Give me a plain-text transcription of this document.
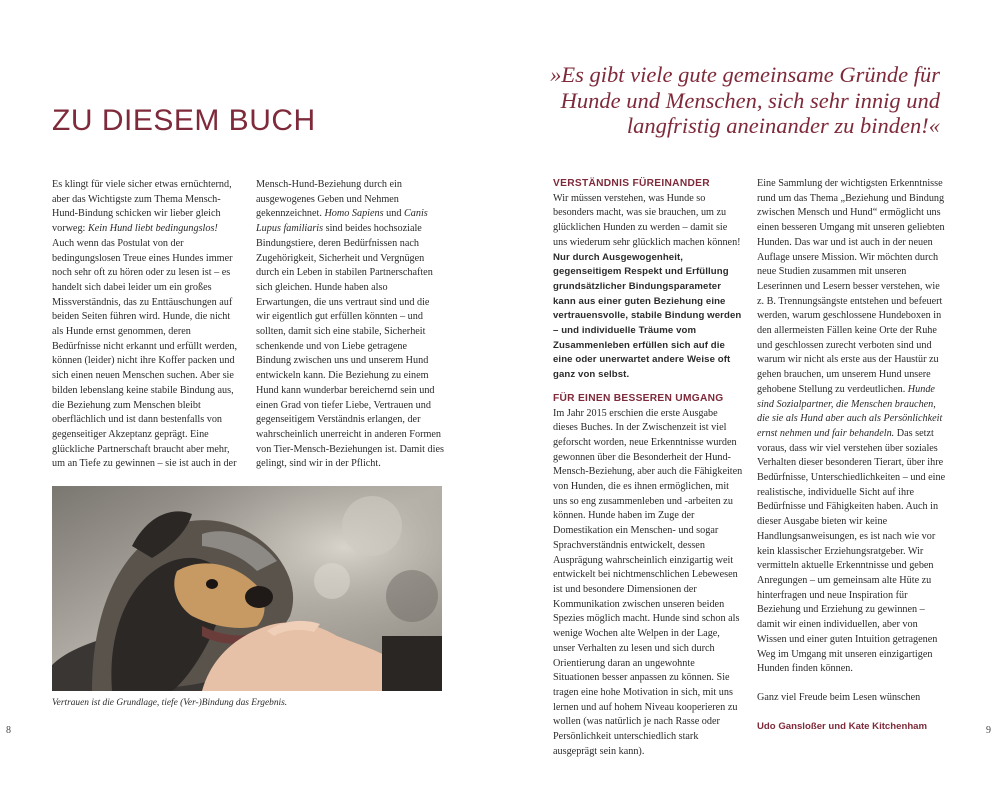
ZU DIESEM BUCH

»Es gibt viele gute gemeinsame Gründe für Hunde und Menschen, sich sehr innig und langfristig aneinander zu binden!«

Es klingt für viele sicher etwas ernüchternd, aber das Wichtigste zum Thema Mensch-Hund-Bindung schicken wir lieber gleich vorweg: Kein Hund liebt bedingungslos! Auch wenn das Postulat von der bedingungslosen Treue eines Hundes immer noch sehr oft zu hören oder zu lesen ist – es handelt sich dabei leider um ein großes Missverständnis, das zu Enttäuschungen auf beiden Seiten führen wird. Hunde, die nicht als Hunde ernst genommen, deren Bedürfnisse nicht erkannt und erfüllt werden, können (leider) nicht ihre Koffer packen und sich einen neuen Menschen suchen. Aber sie bilden lebenslang keine stabile Bindung aus, die Beziehung zum Menschen bleibt oberflächlich und ist dann bestenfalls von gegenseitiger Akzeptanz geprägt. Eine glückliche Partnerschaft braucht aber mehr, um an Tiefe zu gewinnen – sie ist auch in der

Mensch-Hund-Beziehung durch ein ausgewogenes Geben und Nehmen gekennzeichnet. Homo Sapiens und Canis Lupus familiaris sind beides hochsoziale Bindungstiere, deren Bedürfnissen nach Zugehörigkeit, Sicherheit und Vergnügen durch ein Leben in stabilen Partnerschaften sich gleichen. Hunde haben also Erwartungen, die uns vertraut sind und die wir eigentlich gut erfüllen könnten – und sollten, damit sich eine stabile, Sicherheit schenkende und von Liebe getragene Bindung zwischen uns und unserem Hund entwickeln kann. Die Beziehung zu einem Hund kann wunderbar bereichernd sein und einen Grad von tiefer Liebe, Vertrauen und gegenseitigem Verständnis erlangen, der wahrscheinlich unerreicht in anderen Formen von Tier-Mensch-Beziehungen ist. Damit dies gelingt, sind wir in der Pflicht.

Vertrauen ist die Grundlage, tiefe (Ver-)Bindung das Ergebnis.

VERSTÄNDNIS FÜREINANDER

Wir müssen verstehen, was Hunde so besonders macht, was sie brauchen, um zu glücklichen Hunden zu werden – damit sie uns wiederum sehr glücklich machen können!

Nur durch Ausgewogenheit, gegenseitigem Respekt und Erfüllung grundsätzlicher Bindungsparameter kann aus einer guten Beziehung eine vertrauensvolle, stabile Bindung werden – und individuelle Träume vom Zusammenleben erfüllen sich auf die eine oder unerwartet andere Weise oft ganz von selbst.

FÜR EINEN BESSEREN UMGANG

Im Jahr 2015 erschien die erste Ausgabe dieses Buches. In der Zwischenzeit ist viel geforscht worden, neue Erkenntnisse wurden gewonnen über die Besonderheit der Hund-Mensch-Beziehung, aber auch die Fähigkeiten von Hunden, die es ihnen ermöglichen, mit uns so eng zusammenleben und -arbeiten zu können. Hunde haben im Zuge der Domestikation ein Menschen- und sogar Sprachverständnis entwickelt, dessen Ausprägung wahrscheinlich einzigartig weit entwickelt bei nichtmenschlichen Lebewesen ist und besondere Dimensionen der Kommunikation zwischen unseren beiden Spezies möglich macht. Hunde sind schon als wenige Wochen alte Welpen in der Lage, unser Verhalten zu lesen und sich durch Orientierung daran an ungewohnte Situationen besser anpassen zu können. Sie tragen eine hohe Motivation in sich, mit uns lernen und auf hohem Niveau kooperieren zu wollen (was natürlich je nach Rasse oder Persönlichkeit unterschiedlich stark ausgeprägt sein kann).

Eine Sammlung der wichtigsten Erkenntnisse rund um das Thema „Beziehung und Bindung zwischen Mensch und Hund“ ermöglicht uns einen besseren Umgang mit unseren geliebten Hunden. Das war und ist auch in der neuen Auflage unsere Mission. Wir möchten durch neue Studien zusammen mit unseren Leserinnen und Lesern besser verstehen, wie z. B. Trennungsängste entstehen und befeuert werden, warum geschlossene Hundeboxen in den allermeisten Fällen keine Orte der Ruhe und geschlossen zurecht verboten sind und warum wir nicht als erste aus der Haustür zu gehen brauchen, um unserem Hund unsere gehobene Stellung zu verdeutlichen. Hunde sind Sozialpartner, die Menschen brauchen, die sie als Hund aber auch als Persönlichkeit ernst nehmen und fair behandeln. Das setzt voraus, dass wir viel verstehen über soziales Verhalten dieser besonderen Tierart, über ihre Bedürfnisse, Unterschiedlichkeiten – und eine realistische, individuelle Sicht auf ihre Bedürfnisse und Fähigkeiten haben. Auch in dieser Ausgabe bieten wir keine Handlungsanweisungen, es ist nach wie vor kein klassischer Erziehungsratgeber. Wir vermitteln aktuelle Erkenntnisse und geben Anregungen – um gemeinsam alte Hüte zu hinterfragen und neue Inspiration für Beziehung und Erziehung zu gewinnen – damit wir einen individuellen, aber von Wissen und einer guten Intuition getragenen Weg im Umgang mit unseren einzigartigen Hunden finden können.

Ganz viel Freude beim Lesen wünschen

Udo Gansloßer und Kate Kitchenham

8	9
